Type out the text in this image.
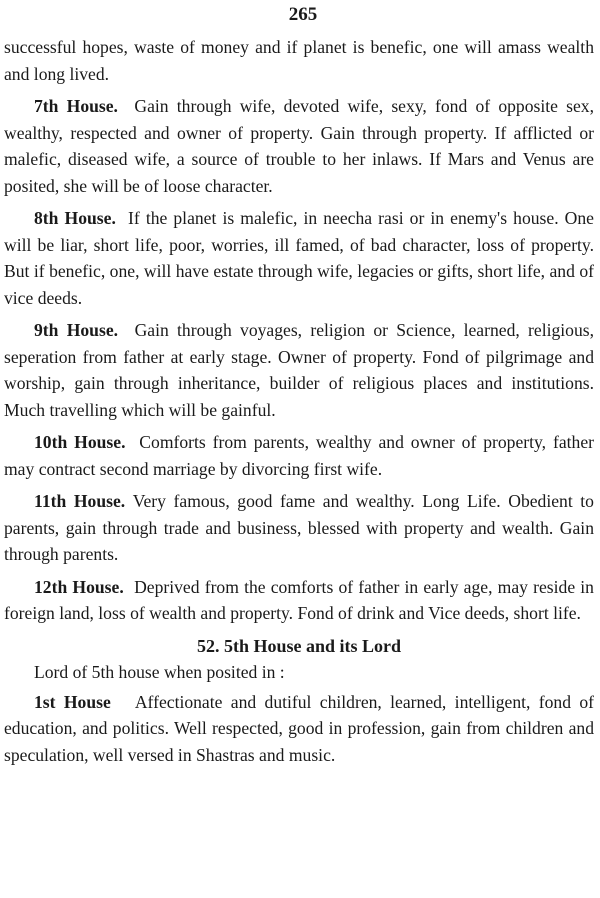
265

successful hopes, waste of money and if planet is benefic, one will amass wealth and long lived.

7th House. Gain through wife, devoted wife, sexy, fond of opposite sex, wealthy, respected and owner of property. Gain through property. If afflicted or malefic, diseased wife, a source of trouble to her inlaws. If Mars and Venus are posited, she will be of loose character.

8th House. If the planet is malefic, in neecha rasi or in enemy's house. One will be liar, short life, poor, worries, ill famed, of bad character, loss of property. But if benefic, one, will have estate through wife, legacies or gifts, short life, and of vice deeds.

9th House. Gain through voyages, religion or Science, learned, religious, seperation from father at early stage. Owner of property. Fond of pilgrimage and worship, gain through inheritance, builder of religious places and institutions. Much travelling which will be gainful.

10th House. Comforts from parents, wealthy and owner of property, father may contract second marriage by divorcing first wife.

11th House. Very famous, good fame and wealthy. Long Life. Obedient to parents, gain through trade and business, blessed with property and wealth. Gain through parents.

12th House. Deprived from the comforts of father in early age, may reside in foreign land, loss of wealth and property. Fond of drink and Vice deeds, short life.

52. 5th House and its Lord
Lord of 5th house when posited in :

1st House Affectionate and dutiful children, learned, intelligent, fond of education, and politics. Well respected, good in profession, gain from children and speculation, well versed in Shastras and music.
